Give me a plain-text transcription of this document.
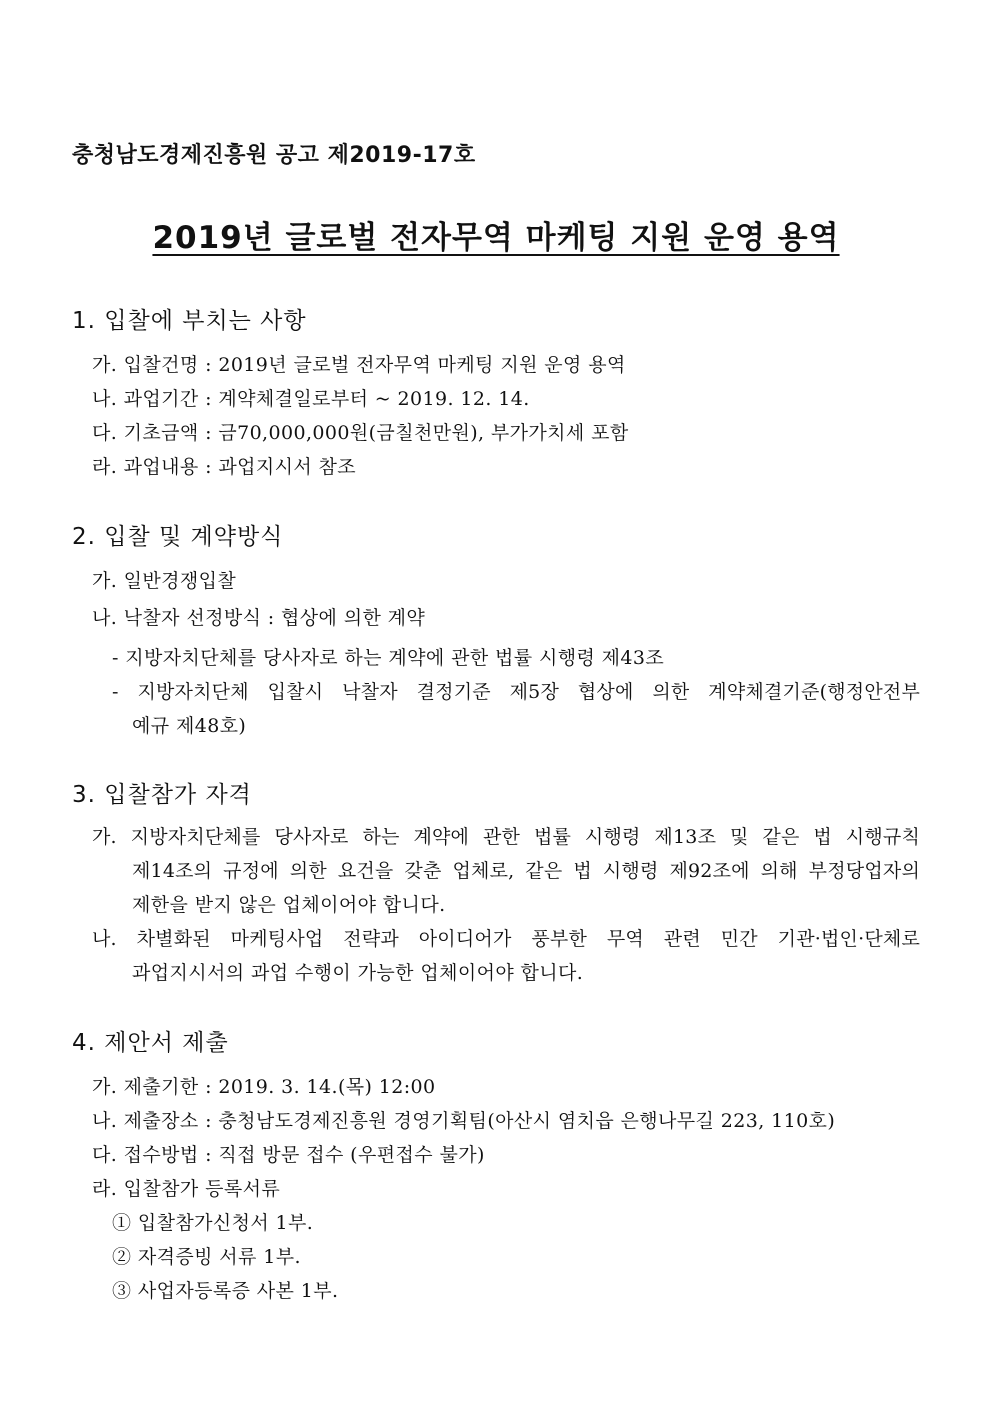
충청남도경제진흥원 공고 제2019-17호
2019년 글로벌 전자무역 마케팅 지원 운영 용역
1. 입찰에 부치는 사항
가. 입찰건명 : 2019년 글로벌 전자무역 마케팅 지원 운영 용역
나. 과업기간 : 계약체결일로부터 ~ 2019. 12. 14.
다. 기초금액 : 금70,000,000원(금칠천만원), 부가가치세 포함
라. 과업내용 : 과업지시서 참조
2. 입찰 및 계약방식
가. 일반경쟁입찰
나. 낙찰자 선정방식 : 협상에 의한 계약
- 지방자치단체를 당사자로 하는 계약에 관한 법률 시행령 제43조
- 지방자치단체 입찰시 낙찰자 결정기준 제5장 협상에 의한 계약체결기준(행정안전부
예규 제48호)
3. 입찰참가 자격
가. 지방자치단체를 당사자로 하는 계약에 관한 법률 시행령 제13조 및 같은 법 시행규칙
제14조의 규정에 의한 요건을 갖춘 업체로, 같은 법 시행령 제92조에 의해 부정당업자의
제한을 받지 않은 업체이어야 합니다.
나. 차별화된 마케팅사업 전략과 아이디어가 풍부한 무역 관련 민간 기관·법인·단체로
과업지시서의 과업 수행이 가능한 업체이어야 합니다.
4. 제안서 제출
가. 제출기한 : 2019. 3. 14.(목) 12:00
나. 제출장소 : 충청남도경제진흥원 경영기획팀(아산시 염치읍 은행나무길 223, 110호)
다. 접수방법 : 직접 방문 접수 (우편접수 불가)
라. 입찰참가 등록서류
① 입찰참가신청서 1부.
② 자격증빙 서류 1부.
③ 사업자등록증 사본 1부.
